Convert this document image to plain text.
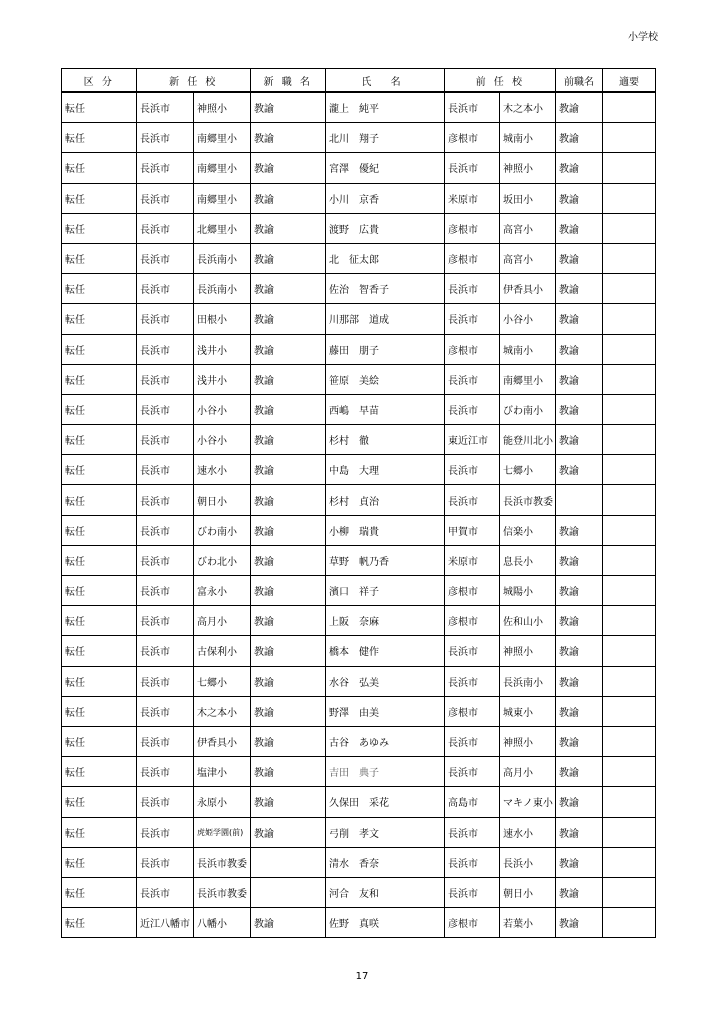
小学校
区 分	新 任 校		新 職 名	氏 名	前 任 校		前職名	適要
転任	長浜市	神照小	教諭	瀧上　純平	長浜市	木之本小	教諭	
転任	長浜市	南郷里小	教諭	北川　翔子	彦根市	城南小	教諭	
転任	長浜市	南郷里小	教諭	宮澤　優紀	長浜市	神照小	教諭	
転任	長浜市	南郷里小	教諭	小川　京香	米原市	坂田小	教諭	
転任	長浜市	北郷里小	教諭	渡野　広貴	彦根市	高宮小	教諭	
転任	長浜市	長浜南小	教諭	北　征太郎	彦根市	高宮小	教諭	
転任	長浜市	長浜南小	教諭	佐治　智香子	長浜市	伊香具小	教諭	
転任	長浜市	田根小	教諭	川那部　道成	長浜市	小谷小	教諭	
転任	長浜市	浅井小	教諭	藤田　朋子	彦根市	城南小	教諭	
転任	長浜市	浅井小	教諭	笹原　美絵	長浜市	南郷里小	教諭	
転任	長浜市	小谷小	教諭	西嶋　早苗	長浜市	びわ南小	教諭	
転任	長浜市	小谷小	教諭	杉村　徹	東近江市	能登川北小	教諭	
転任	長浜市	速水小	教諭	中島　大理	長浜市	七郷小	教諭	
転任	長浜市	朝日小	教諭	杉村　貞治	長浜市	長浜市教委		
転任	長浜市	びわ南小	教諭	小柳　瑞貴	甲賀市	信楽小	教諭	
転任	長浜市	びわ北小	教諭	草野　帆乃香	米原市	息長小	教諭	
転任	長浜市	富永小	教諭	濱口　祥子	彦根市	城陽小	教諭	
転任	長浜市	高月小	教諭	上阪　奈麻	彦根市	佐和山小	教諭	
転任	長浜市	古保利小	教諭	橋本　健作	長浜市	神照小	教諭	
転任	長浜市	七郷小	教諭	水谷　弘美	長浜市	長浜南小	教諭	
転任	長浜市	木之本小	教諭	野澤　由美	彦根市	城東小	教諭	
転任	長浜市	伊香具小	教諭	古谷　あゆみ	長浜市	神照小	教諭	
転任	長浜市	塩津小	教諭	吉田　典子	長浜市	高月小	教諭	
転任	長浜市	永原小	教諭	久保田　采花	高島市	マキノ東小	教諭	
転任	長浜市	虎姫学園(前)	教諭	弓削　孝文	長浜市	速水小	教諭	
転任	長浜市	長浜市教委		清水　香奈	長浜市	長浜小	教諭	
転任	長浜市	長浜市教委		河合　友和	長浜市	朝日小	教諭	
転任	近江八幡市	八幡小	教諭	佐野　真咲	彦根市	若葉小	教諭	
17
